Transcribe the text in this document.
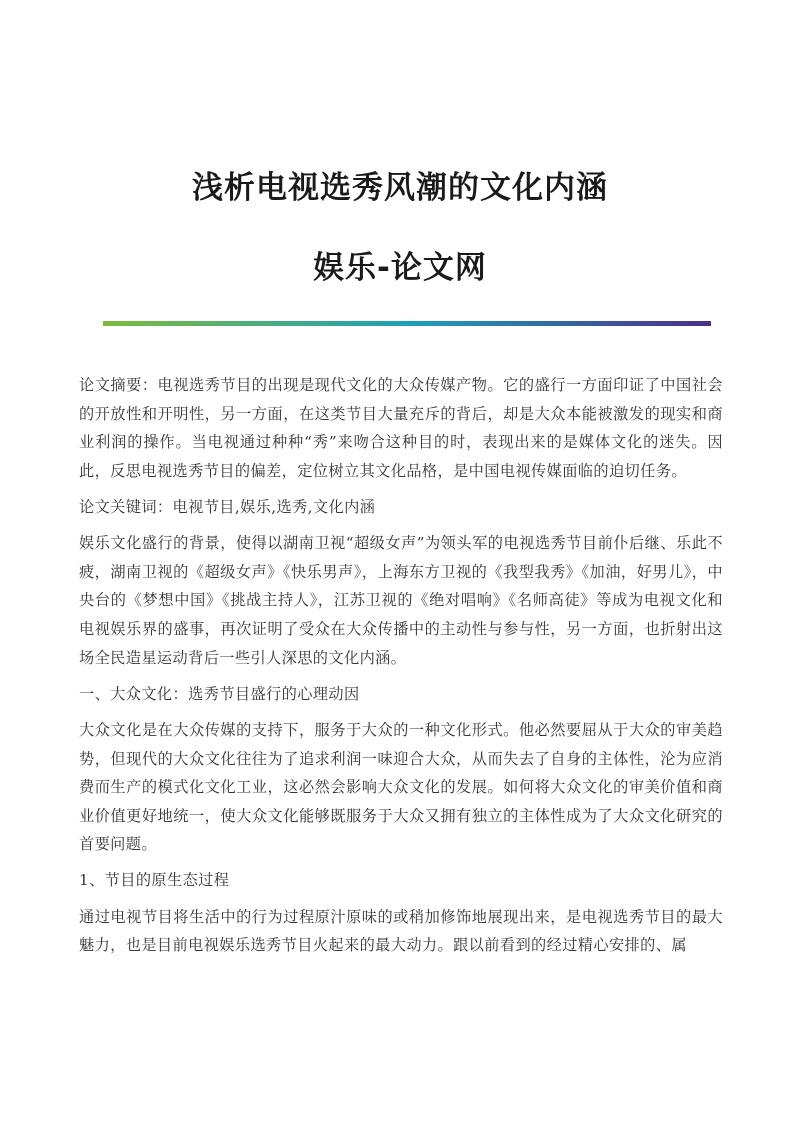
浅析电视选秀风潮的文化内涵
娱乐-论文网

论文摘要：电视选秀节目的出现是现代文化的大众传媒产物。它的盛行一方面印证了中国社会的开放性和开明性，另一方面，在这类节目大量充斥的背后，却是大众本能被激发的现实和商业利润的操作。当电视通过种种“秀”来吻合这种目的时，表现出来的是媒体文化的迷失。因此，反思电视选秀节目的偏差，定位树立其文化品格，是中国电视传媒面临的迫切任务。

论文关键词：电视节目,娱乐,选秀,文化内涵

娱乐文化盛行的背景，使得以湖南卫视“超级女声”为领头军的电视选秀节目前仆后继、乐此不疲，湖南卫视的《超级女声》《快乐男声》，上海东方卫视的《我型我秀》《加油，好男儿》，中央台的《梦想中国》《挑战主持人》，江苏卫视的《绝对唱响》《名师高徒》等成为电视文化和电视娱乐界的盛事，再次证明了受众在大众传播中的主动性与参与性，另一方面，也折射出这场全民造星运动背后一些引人深思的文化内涵。

一、大众文化：选秀节目盛行的心理动因

大众文化是在大众传媒的支持下，服务于大众的一种文化形式。他必然要屈从于大众的审美趋势，但现代的大众文化往往为了追求利润一味迎合大众，从而失去了自身的主体性，沦为应消费而生产的模式化文化工业，这必然会影响大众文化的发展。如何将大众文化的审美价值和商业价值更好地统一，使大众文化能够既服务于大众又拥有独立的主体性成为了大众文化研究的首要问题。

1、节目的原生态过程

通过电视节目将生活中的行为过程原汁原味的或稍加修饰地展现出来，是电视选秀节目的最大魅力，也是目前电视娱乐选秀节目火起来的最大动力。跟以前看到的经过精心安排的、属
